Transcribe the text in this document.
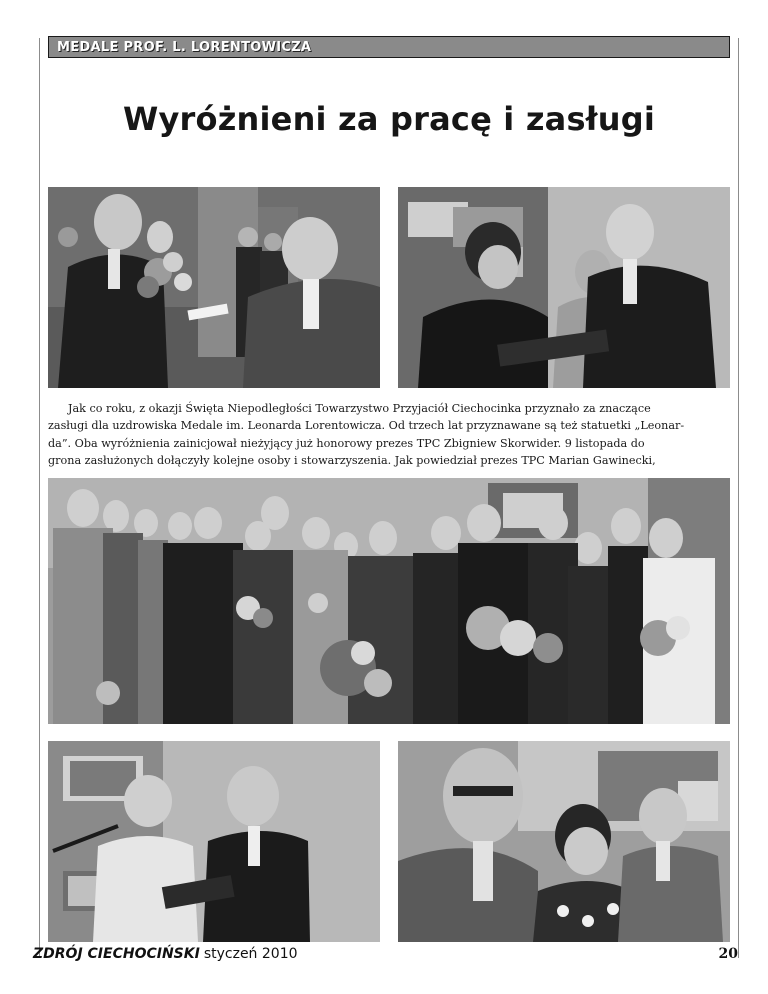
MEDALE PROF. L. LORENTOWICZA
Wyróżnieni za pracę i zasługi
Jak co roku, z okazji Święta Niepodległości Towarzystwo Przyjaciół Ciechocinka przyznało za znaczące
zasługi dla uzdrowiska Medale im. Leonarda Lorentowicza. Od trzech lat przyznawane są też statuetki „Leonar-
da”. Oba wyróżnienia zainicjował nieżyjący już honorowy prezes TPC Zbigniew Skorwider. 9 listopada do
grona zasłużonych dołączyły kolejne osoby i stowarzyszenia. Jak powiedział prezes TPC Marian Gawinecki,
ZDRÓJ CIECHOCIŃSKI styczeń 2010	20
